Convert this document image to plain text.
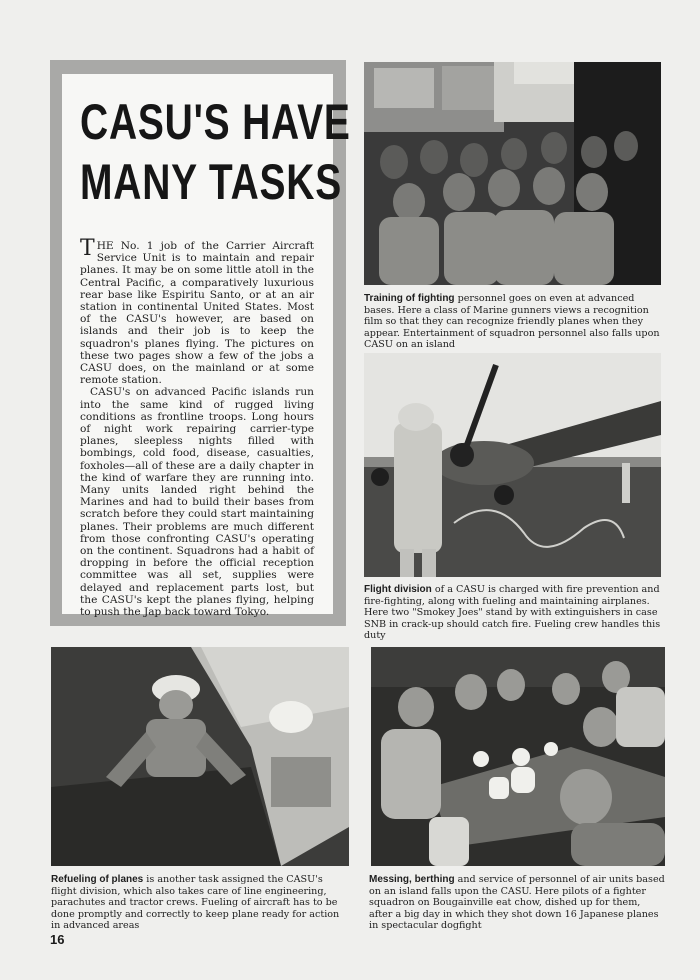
CASU'S HAVE
MANY TASKS

THE No. 1 job of the Carrier Aircraft Service Unit is to maintain and repair planes. It may be on some little atoll in the Central Pacific, a comparatively luxurious rear base like Espiritu Santo, or at an air station in continental United States. Most of the CASU's however, are based on islands and their job is to keep the squadron's planes flying. The pictures on these two pages show a few of the jobs a CASU does, on the mainland or at some remote station.

CASU's on advanced Pacific islands run into the same kind of rugged living conditions as frontline troops. Long hours of night work repairing carrier-type planes, sleepless nights filled with bombings, cold food, disease, casualties, foxholes—all of these are a daily chapter in the kind of warfare they are running into. Many units landed right behind the Marines and had to build their bases from scratch before they could start maintaining planes. Their problems are much different from those confronting CASU's operating on the continent. Squadrons had a habit of dropping in before the official reception committee was all set, supplies were delayed and replacement parts lost, but the CASU's kept the planes flying, helping to push the Jap back toward Tokyo.

Training of fighting personnel goes on even at advanced bases. Here a class of Marine gunners views a recognition film so that they can recognize friendly planes when they appear. Entertainment of squadron personnel also falls upon CASU on an island

Flight division of a CASU is charged with fire prevention and fire-fighting, along with fueling and maintaining airplanes. Here two "Smokey Joes" stand by with extinguishers in case SNB in crack-up should catch fire. Fueling crew handles this duty

Refueling of planes is another task assigned the CASU's flight division, which also takes care of line engineering, parachutes and tractor crews. Fueling of aircraft has to be done promptly and correctly to keep plane ready for action in advanced areas

Messing, berthing and service of personnel of air units based on an island falls upon the CASU. Here pilots of a fighter squadron on Bougainville eat chow, dished up for them, after a big day in which they shot down 16 Japanese planes in spectacular dogfight

16
